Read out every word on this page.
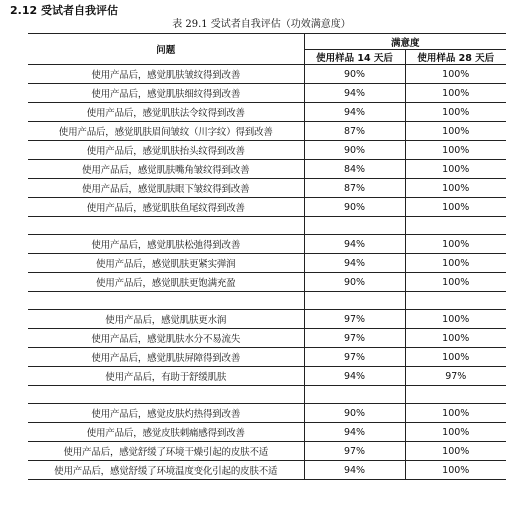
2.12 受试者自我评估
表 29.1 受试者自我评估（功效满意度）
问题	满意度	
	使用样品 14 天后	使用样品 28 天后
使用产品后，感觉肌肤皱纹得到改善	90%	100%
使用产品后，感觉肌肤细纹得到改善	94%	100%
使用产品后，感觉肌肤法令纹得到改善	94%	100%
使用产品后，感觉肌肤眉间皱纹（川字纹）得到改善	87%	100%
使用产品后，感觉肌肤抬头纹得到改善	90%	100%
使用产品后，感觉肌肤嘴角皱纹得到改善	84%	100%
使用产品后，感觉肌肤眼下皱纹得到改善	87%	100%
使用产品后，感觉肌肤鱼尾纹得到改善	90%	100%

使用产品后，感觉肌肤松弛得到改善	94%	100%
使用产品后，感觉肌肤更紧实弹润	94%	100%
使用产品后，感觉肌肤更饱满充盈	90%	100%

使用产品后，感觉肌肤更水润	97%	100%
使用产品后，感觉肌肤水分不易流失	97%	100%
使用产品后，感觉肌肤屏障得到改善	97%	100%
使用产品后，有助于舒缓肌肤	94%	97%

使用产品后，感觉皮肤灼热得到改善	90%	100%
使用产品后，感觉皮肤刺痛感得到改善	94%	100%
使用产品后，感觉舒缓了环境干燥引起的皮肤不适	97%	100%
使用产品后，感觉舒缓了环境温度变化引起的皮肤不适	94%	100%
